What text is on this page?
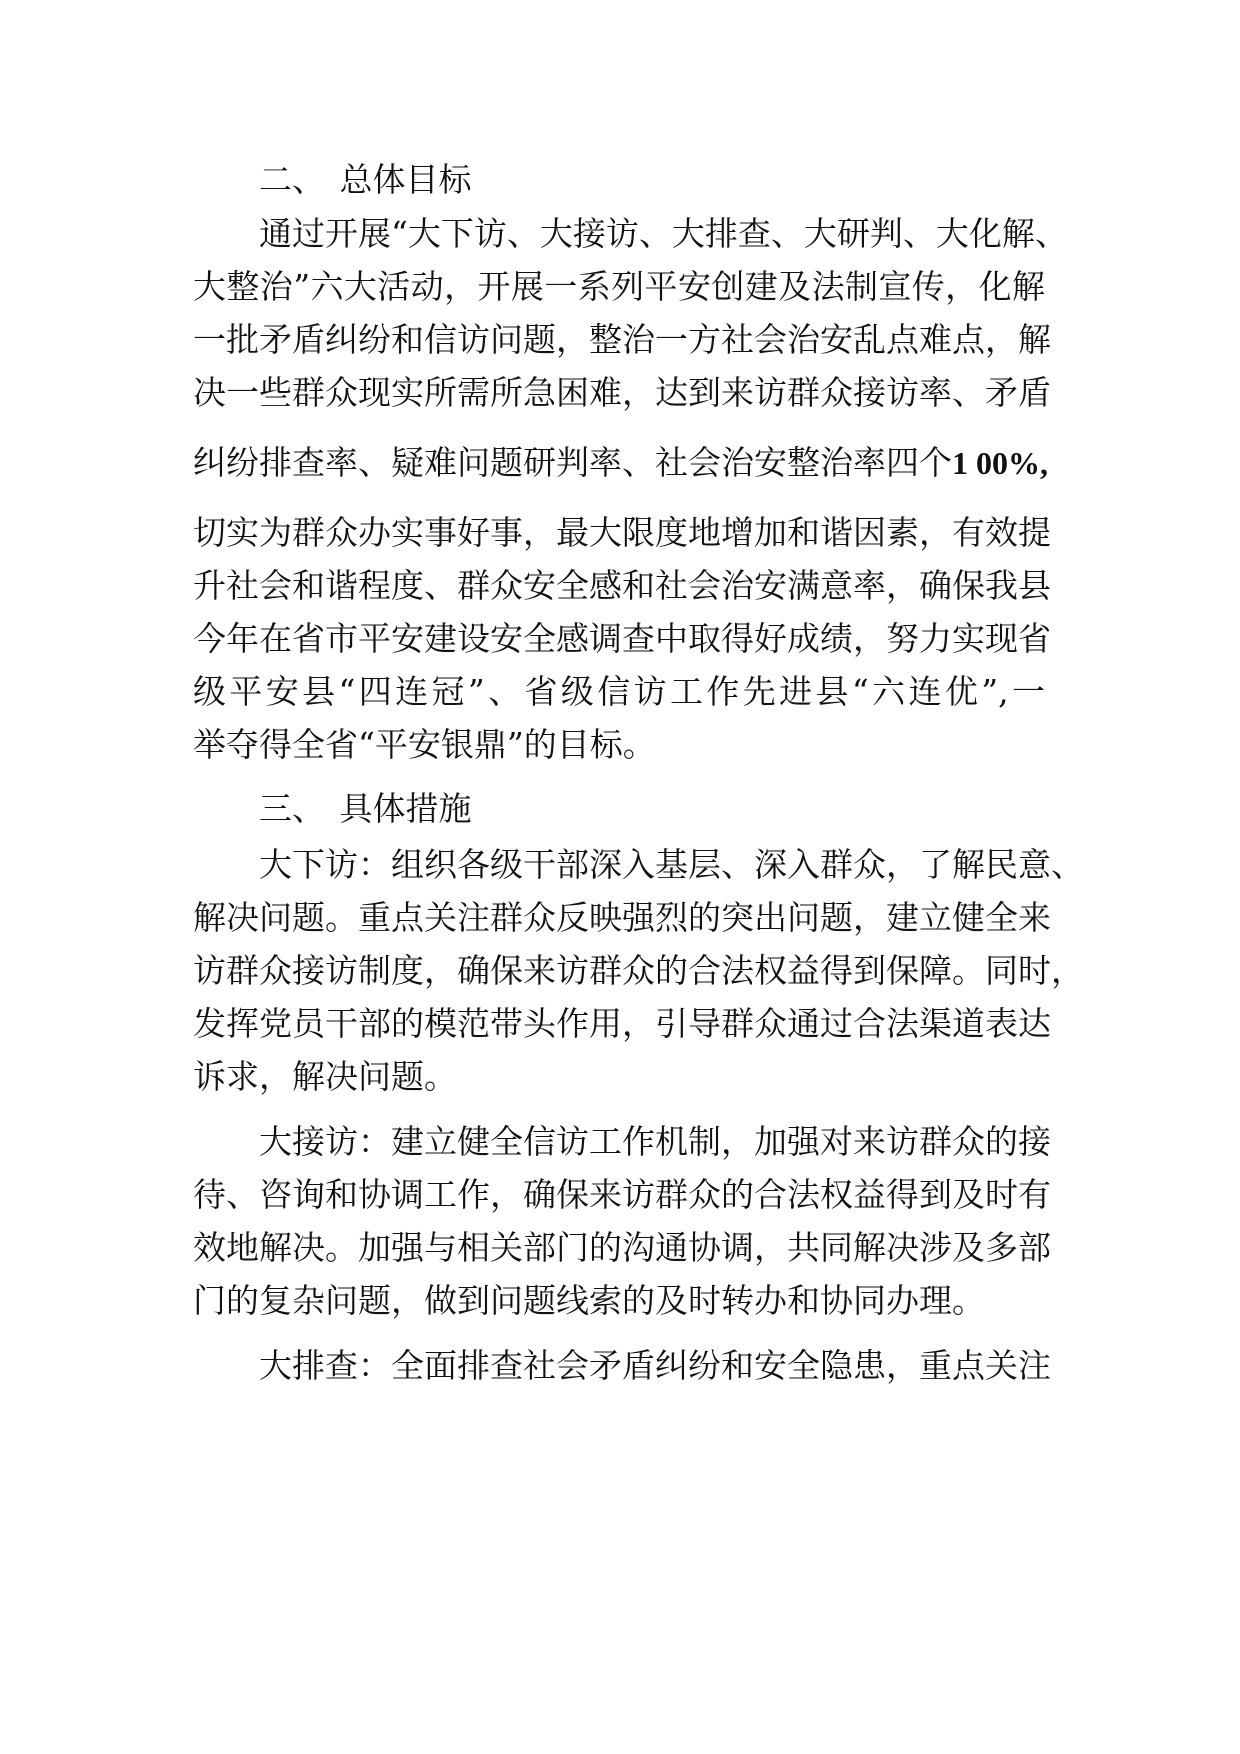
二、 总体目标
通过开展“大下访、大接访、大排查、大研判、大化解、
大整治”六大活动，开展一系列平安创建及法制宣传，化解
一批矛盾纠纷和信访问题，整治一方社会治安乱点难点，解
决一些群众现实所需所急困难，达到来访群众接访率、矛盾
纠纷排查率、疑难问题研判率、社会治安整治率四个1 00%,
切实为群众办实事好事，最大限度地增加和谐因素，有效提
升社会和谐程度、群众安全感和社会治安满意率，确保我县
今年在省市平安建设安全感调查中取得好成绩，努力实现省
级平安县“四连冠”、省级信访工作先进县“六连优”,一
举夺得全省“平安银鼎”的目标。
三、 具体措施
大下访：组织各级干部深入基层、深入群众，了解民意、
解决问题。重点关注群众反映强烈的突出问题，建立健全来
访群众接访制度，确保来访群众的合法权益得到保障。同时，
发挥党员干部的模范带头作用，引导群众通过合法渠道表达
诉求，解决问题。
大接访：建立健全信访工作机制，加强对来访群众的接
待、咨询和协调工作，确保来访群众的合法权益得到及时有
效地解决。加强与相关部门的沟通协调，共同解决涉及多部
门的复杂问题，做到问题线索的及时转办和协同办理。
大排查：全面排查社会矛盾纠纷和安全隐患，重点关注
